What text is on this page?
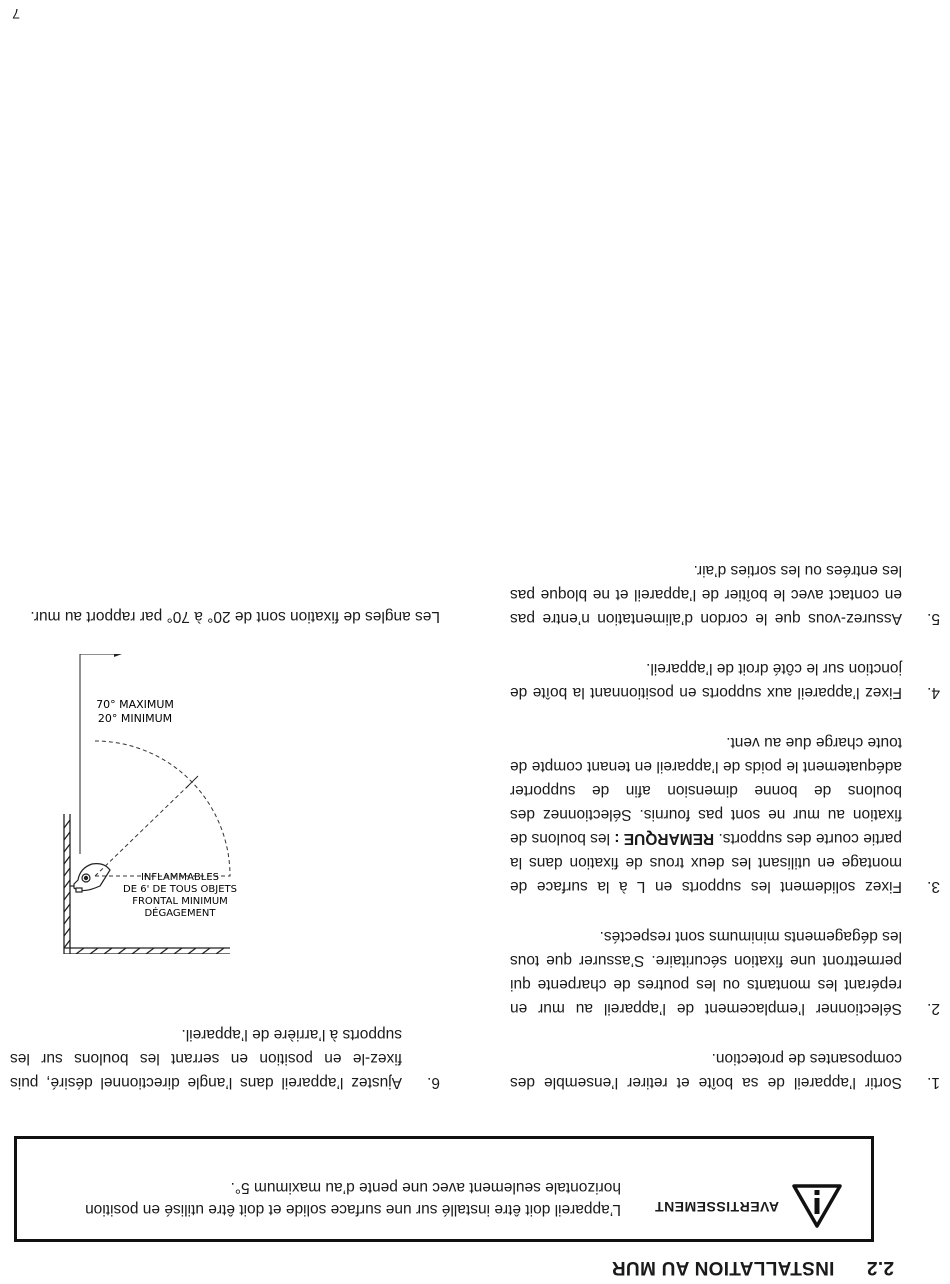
2.2 INSTALLATION AU MUR
AVERTISSEMENT
L’appareil doit être installé sur une surface solide et doit être utilisé en position horizontale seulement avec une pente d’au maximum 5°.
1.
Sortir l’appareil de sa boîte et retirer l’ensemble des composantes de protection.
2.
Sélectionner l’emplacement de l’appareil au mur en repérant les montants ou les poutres de charpente qui permettront une fixation sécuritaire. S’assurer que tous les dégagements minimums sont respectés.
3.
Fixez solidement les supports en L à la surface de montage en utilisant les deux trous de fixation dans la partie courte des supports. REMARQUE : les boulons de fixation au mur ne sont pas fournis. Sélectionnez des boulons de bonne dimension afin de supporter adéquatement le poids de l’appareil en tenant compte de toute charge due au vent.
4.
Fixez l’appareil aux supports en positionnant la boîte de jonction sur le côté droit de l’appareil.
5.
Assurez-vous que le cordon d’alimentation n’entre pas en contact avec le boîtier de l’appareil et ne bloque pas les entrées ou les sorties d’air.
6.
Ajustez l’appareil dans l’angle directionnel désiré, puis fixez-le en position en serrant les boulons sur les supports à l’arrière de l’appareil.
DÉGAGEMENT
FRONTAL MINIMUM
DE 6' DE TOUS OBJETS
INFLAMMABLES
20° MINIMUM
70° MAXIMUM
Les angles de fixation sont de 20° à 70° par rapport au mur.
7
